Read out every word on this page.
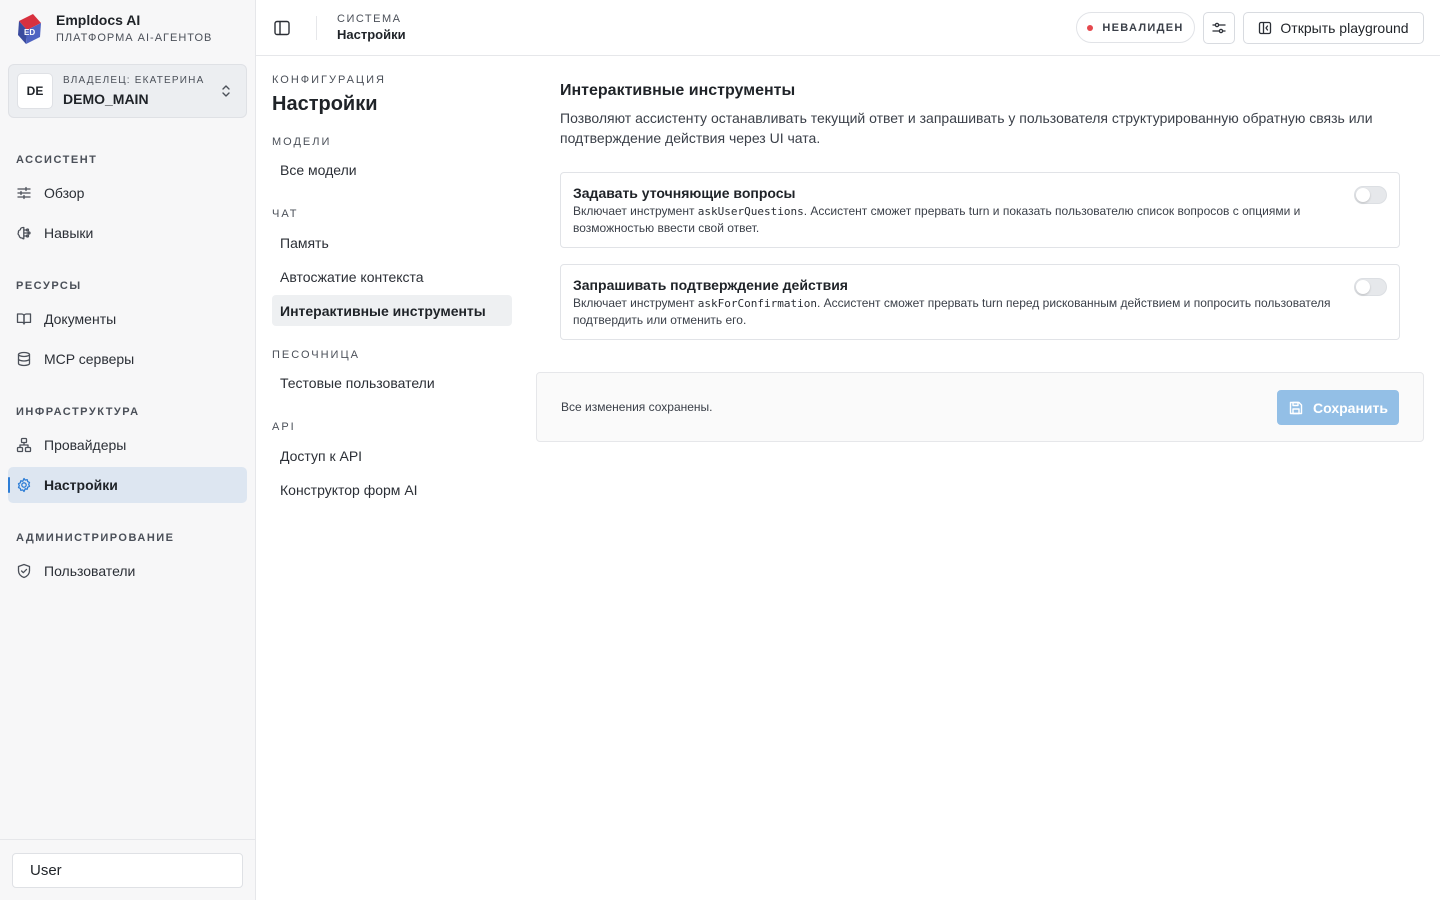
ED
Empldocs AI
ПЛАТФОРМА AI-АГЕНТОВ
DE
ВЛАДЕЛЕЦ: ЕКАТЕРИНА
DEMO_MAIN
АССИСТЕНТ
Обзор
Навыки
РЕСУРСЫ
Документы
MCP серверы
ИНФРАСТРУКТУРА
Провайдеры
Настройки
АДМИНИСТРИРОВАНИЕ
Пользователи
User
СИСТЕМА
Настройки	НЕВАЛИДЕН	Открыть playground
КОНФИГУРАЦИЯ
Настройки
МОДЕЛИ
Все модели
ЧАТ
Память
Автосжатие контекста
Интерактивные инструменты
ПЕСОЧНИЦА
Тестовые пользователи
API
Доступ к API
Конструктор форм AI
Интерактивные инструменты

Позволяют ассистенту останавливать текущий ответ и запрашивать у пользователя структурированную обратную связь или подтверждение действия через UI чата.

Задавать уточняющие вопросы
Включает инструмент askUserQuestions. Ассистент сможет прервать turn и показать пользователю список вопросов с опциями и возможностью ввести свой ответ.
Запрашивать подтверждение действия
Включает инструмент askForConfirmation. Ассистент сможет прервать turn перед рискованным действием и попросить пользователя подтвердить или отменить его.
Все изменения сохранены.	Сохранить
